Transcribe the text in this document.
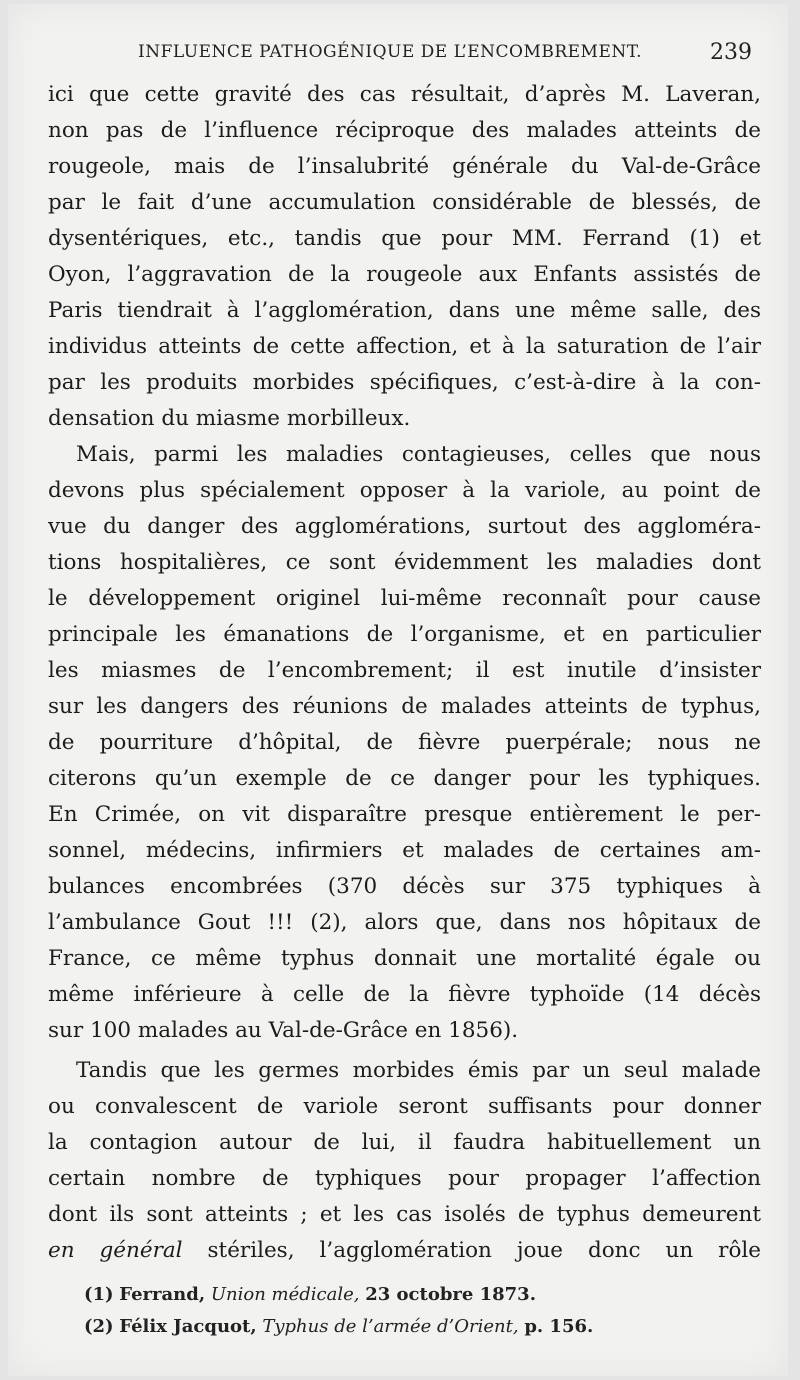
INFLUENCE PATHOGÉNIQUE DE L’ENCOMBREMENT.	239
ici que cette gravité des cas résultait, d’après M. Laveran,
non pas de l’influence réciproque des malades atteints de
rougeole, mais de l’insalubrité générale du Val-de-Grâce
par le fait d’une accumulation considérable de blessés, de
dysentériques, etc., tandis que pour MM. Ferrand (1) et
Oyon, l’aggravation de la rougeole aux Enfants assistés de
Paris tiendrait à l’agglomération, dans une même salle, des
individus atteints de cette affection, et à la saturation de l’air
par les produits morbides spécifiques, c’est-à-dire à la con-
densation du miasme morbilleux.
Mais, parmi les maladies contagieuses, celles que nous
devons plus spécialement opposer à la variole, au point de
vue du danger des agglomérations, surtout des aggloméra-
tions hospitalières, ce sont évidemment les maladies dont
le développement originel lui-même reconnaît pour cause
principale les émanations de l’organisme, et en particulier
les miasmes de l’encombrement; il est inutile d’insister
sur les dangers des réunions de malades atteints de typhus,
de pourriture d’hôpital, de fièvre puerpérale; nous ne
citerons qu’un exemple de ce danger pour les typhiques.
En Crimée, on vit disparaître presque entièrement le per-
sonnel, médecins, infirmiers et malades de certaines am-
bulances encombrées (370 décès sur 375 typhiques à
l’ambulance Gout !!! (2), alors que, dans nos hôpitaux de
France, ce même typhus donnait une mortalité égale ou
même inférieure à celle de la fièvre typhoïde (14 décès
sur 100 malades au Val-de-Grâce en 1856).
Tandis que les germes morbides émis par un seul malade
ou convalescent de variole seront suffisants pour donner
la contagion autour de lui, il faudra habituellement un
certain nombre de typhiques pour propager l’affection
dont ils sont atteints ; et les cas isolés de typhus demeurent
en général stériles, l’agglomération joue donc un rôle
(1) Ferrand, Union médicale, 23 octobre 1873.
(2) Félix Jacquot, Typhus de l’armée d’Orient, p. 156.
